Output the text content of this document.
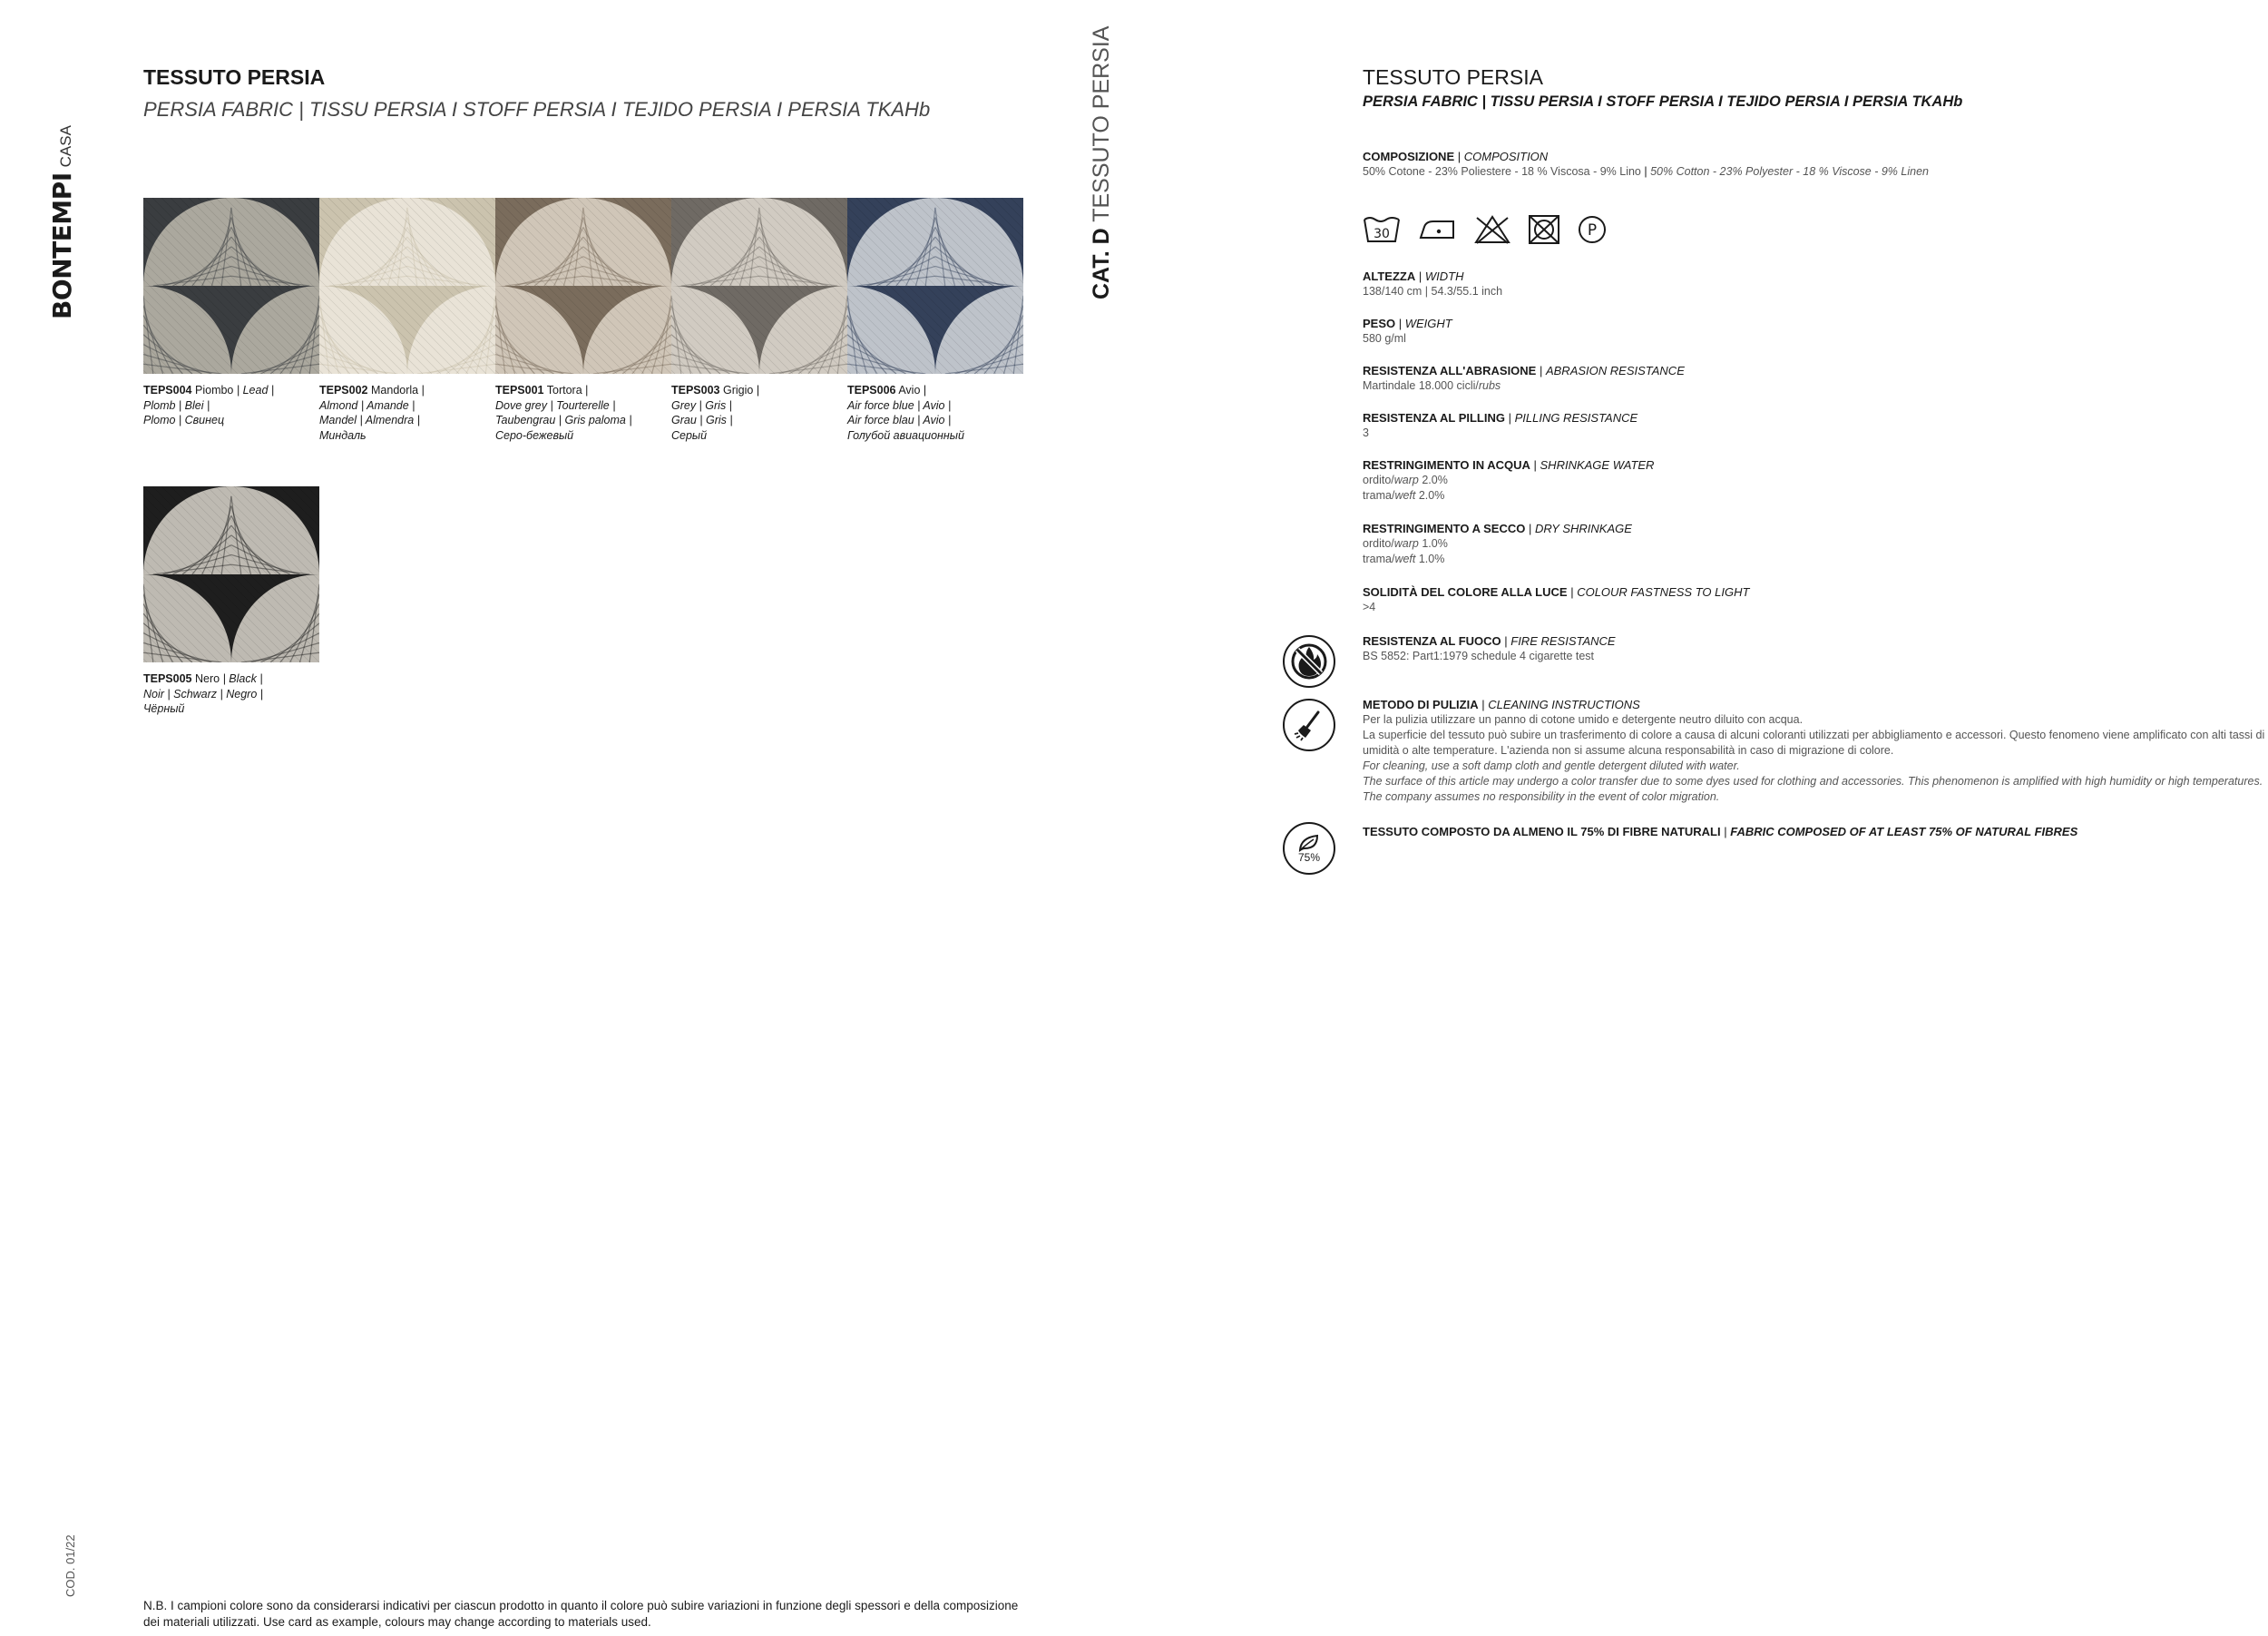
BONTEMPI
CASA
TESSUTO PERSIA
PERSIA FABRIC | TISSU PERSIA I STOFF PERSIA I TEJIDO PERSIA I PERSIA TKAHb
TEPS004 Piombo | Lead |
Plomb | Blei |
Plomo | Свинец
TEPS002 Mandorla |
Almond | Amande |
Mandel | Almendra |
Миндаль
TEPS001 Tortora |
Dove grey | Tourterelle |
Taubengrau | Gris paloma |
Серо-бежевый
TEPS003 Grigio |
Grey | Gris |
Grau | Gris |
Серый
TEPS006 Avio |
Air force blue | Avio |
Air force blau | Avio |
Голубой авиационный
TEPS005 Nero | Black |
Noir | Schwarz | Negro |
Чёрный
CAT. D TESSUTO PERSIA
COD. 01/22
N.B. I campioni colore sono da considerarsi indicativi per ciascun prodotto in quanto il colore può subire variazioni in funzione degli spessori e della composizione dei materiali utilizzati. Use card as example, colours may change according to materials used.
TESSUTO PERSIA
PERSIA FABRIC | TISSU PERSIA I STOFF PERSIA I TEJIDO PERSIA I PERSIA TKAHb
COMPOSIZIONE | COMPOSITION
50% Cotone - 23% Poliestere - 18 % Viscosa - 9% Lino | 50% Cotton - 23% Polyester - 18 % Viscose - 9% Linen
30	P
ALTEZZA | WIDTH
138/140 cm | 54.3/55.1 inch
PESO | WEIGHT
580 g/ml
RESISTENZA ALL'ABRASIONE | ABRASION RESISTANCE
Martindale 18.000 cicli/rubs
RESISTENZA AL PILLING | PILLING RESISTANCE
3
RESTRINGIMENTO IN ACQUA | SHRINKAGE WATER
ordito/warp 2.0%
trama/weft 2.0%
RESTRINGIMENTO A SECCO | DRY SHRINKAGE
ordito/warp 1.0%
trama/weft 1.0%
SOLIDITÀ DEL COLORE ALLA LUCE | COLOUR FASTNESS TO LIGHT
>4
RESISTENZA AL FUOCO | FIRE RESISTANCE
BS 5852: Part1:1979 schedule 4 cigarette test
METODO DI PULIZIA | CLEANING INSTRUCTIONS
Per la pulizia utilizzare un panno di cotone umido e detergente neutro diluito con acqua.
La superficie del tessuto può subire un trasferimento di colore a causa di alcuni coloranti utilizzati per abbigliamento e accessori. Questo fenomeno viene amplificato con alti tassi di umidità o alte temperature. L'azienda non si assume alcuna responsabilità in caso di migrazione di colore.
For cleaning, use a soft damp cloth and gentle detergent diluted with water.
The surface of this article may undergo a color transfer due to some dyes used for clothing and accessories. This phenomenon is amplified with high humidity or high temperatures. The company assumes no responsibility in the event of color migration.
75%
TESSUTO COMPOSTO DA ALMENO IL 75% DI FIBRE NATURALI | FABRIC COMPOSED OF AT LEAST 75% OF NATURAL FIBRES
